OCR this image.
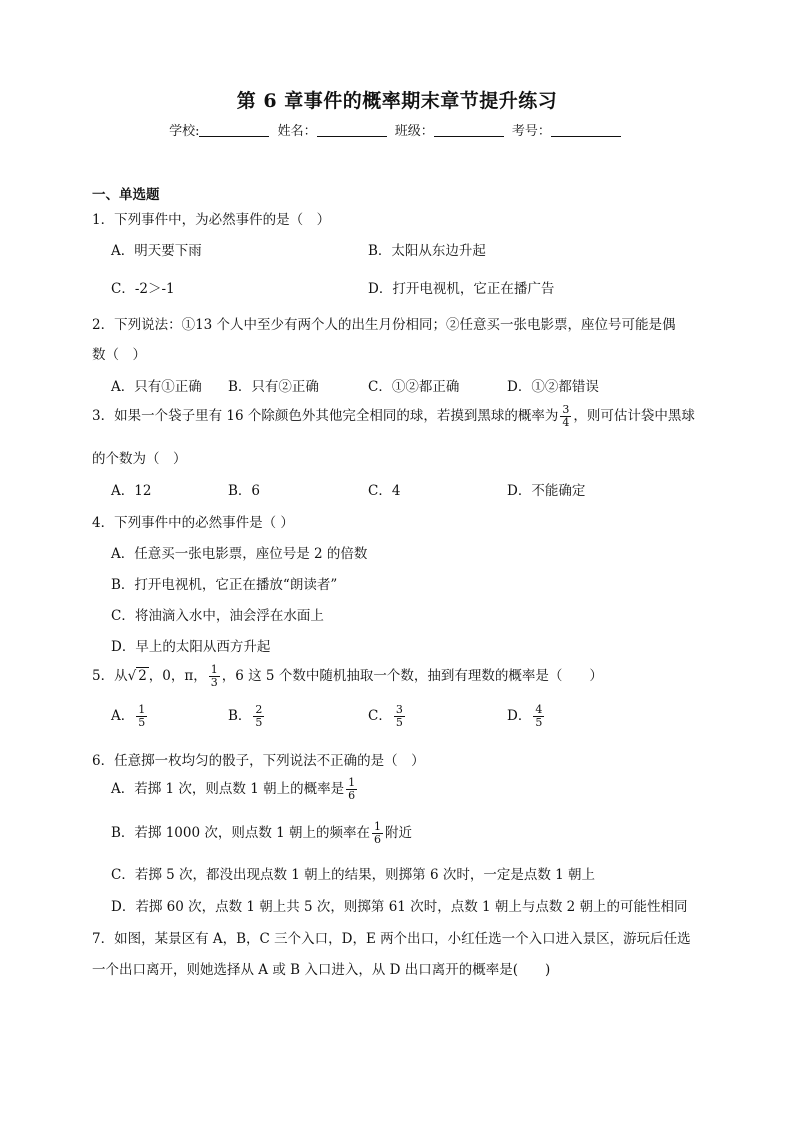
第 6 章事件的概率期末章节提升练习
学校:	姓名：	班级：	考号：
一、单选题
1．下列事件中，为必然事件的是（　）
A．明天要下雨	B．太阳从东边升起
C．-2＞-1	D．打开电视机，它正在播广告
2．下列说法：①13 个人中至少有两个人的出生月份相同；②任意买一张电影票，座位号可能是偶
数（　）
A．只有①正确 B．只有②正确	C．①②都正确	D．①②都错误
3．如果一个袋子里有 16 个除颜色外其他完全相同的球，若摸到黑球的概率为 $\frac{3}{4}$ ，则可估计袋中黑球
的个数为（　）
A．12	B．6	C．4	D．不能确定
4．下列事件中的必然事件是（ ）
A．任意买一张电影票，座位号是 2 的倍数
B．打开电视机，它正在播放“朗读者”
C．将油滴入水中，油会浮在水面上
D．早上的太阳从西方升起
5．从√ 2 ，0，π， $\frac{1}{3}$ ，6 这 5 个数中随机抽取一个数，抽到有理数的概率是（　　）
A． $\frac{1}{5}$	B． $\frac{2}{5}$	C． $\frac{3}{5}$	D． $\frac{4}{5}$
6．任意掷一枚均匀的骰子，下列说法不正确的是（　）
A．若掷 1 次，则点数 1 朝上的概率是 $\frac{1}{6}$
B．若掷 1000 次，则点数 1 朝上的频率在 $\frac{1}{6}$ 附近
C．若掷 5 次，都没出现点数 1 朝上的结果，则掷第 6 次时，一定是点数 1 朝上
D．若掷 60 次，点数 1 朝上共 5 次，则掷第 61 次时，点数 1 朝上与点数 2 朝上的可能性相同
7．如图，某景区有 A，B，C 三个入口，D，E 两个出口，小红任选一个入口进入景区，游玩后任选
一个出口离开，则她选择从 A 或 B 入口进入，从 D 出口离开的概率是(　　)
